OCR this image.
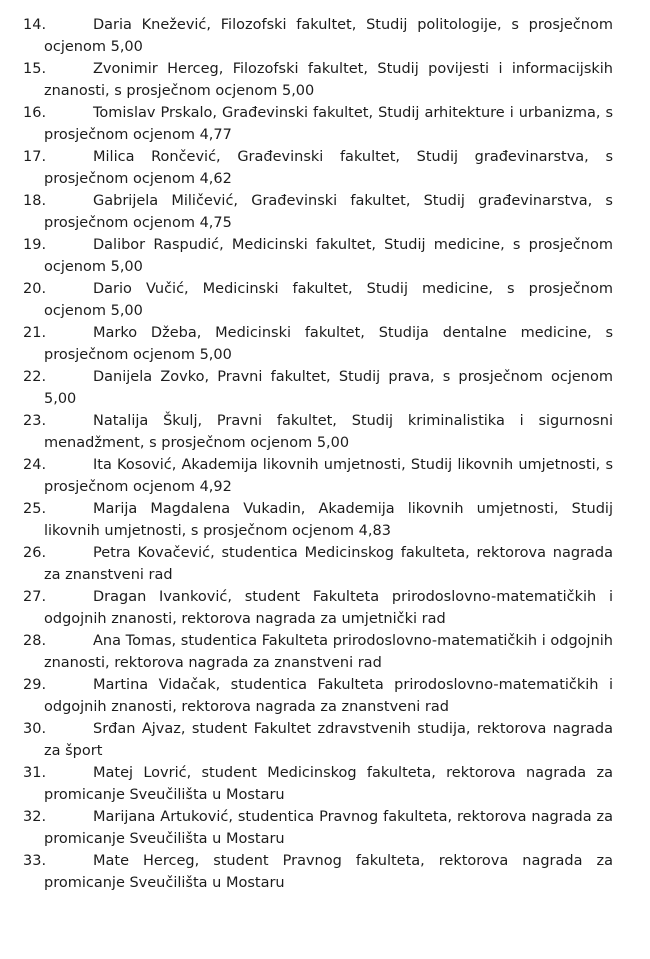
14.	Daria Knežević, Filozofski fakultet, Studij politologije, s prosječnom ocjenom 5,00
15.	Zvonimir Herceg, Filozofski fakultet, Studij povijesti i informacijskih znanosti, s prosječnom ocjenom 5,00
16.	Tomislav Prskalo, Građevinski fakultet, Studij arhitekture i urbanizma, s prosječnom ocjenom 4,77
17.	Milica Rončević, Građevinski fakultet, Studij građevinarstva, s prosječnom ocjenom 4,62
18.	Gabrijela Miličević, Građevinski fakultet, Studij građevinarstva, s prosječnom ocjenom 4,75
19.	Dalibor Raspudić, Medicinski fakultet, Studij medicine, s prosječnom ocjenom 5,00
20.	Dario Vučić, Medicinski fakultet, Studij medicine, s prosječnom ocjenom 5,00
21.	Marko Džeba, Medicinski fakultet, Studija dentalne medicine, s prosječnom ocjenom 5,00
22.	Danijela Zovko, Pravni fakultet, Studij prava, s prosječnom ocjenom 5,00
23.	Natalija Škulj, Pravni fakultet, Studij kriminalistika i sigurnosni menadžment, s prosječnom ocjenom 5,00
24.	Ita Kosović, Akademija likovnih umjetnosti, Studij likovnih umjetnosti, s prosječnom ocjenom 4,92
25.	Marija Magdalena Vukadin, Akademija likovnih umjetnosti, Studij likovnih umjetnosti, s prosječnom ocjenom 4,83
26.	Petra Kovačević, studentica Medicinskog fakulteta, rektorova nagrada za znanstveni rad
27.	Dragan Ivanković, student Fakulteta prirodoslovno-matematičkih i odgojnih znanosti, rektorova nagrada za umjetnički rad
28.	Ana Tomas, studentica Fakulteta prirodoslovno-matematičkih i odgojnih znanosti, rektorova nagrada za znanstveni rad
29.	Martina Vidačak, studentica Fakulteta prirodoslovno-matematičkih i odgojnih znanosti, rektorova nagrada za znanstveni rad
30.	Srđan Ajvaz, student Fakultet zdravstvenih studija, rektorova nagrada za šport
31.	Matej Lovrić, student Medicinskog fakulteta, rektorova nagrada za promicanje Sveučilišta u Mostaru
32.	Marijana Artuković, studentica Pravnog fakulteta, rektorova nagrada za promicanje Sveučilišta u Mostaru
33.	Mate Herceg, student Pravnog fakulteta, rektorova nagrada za promicanje Sveučilišta u Mostaru
